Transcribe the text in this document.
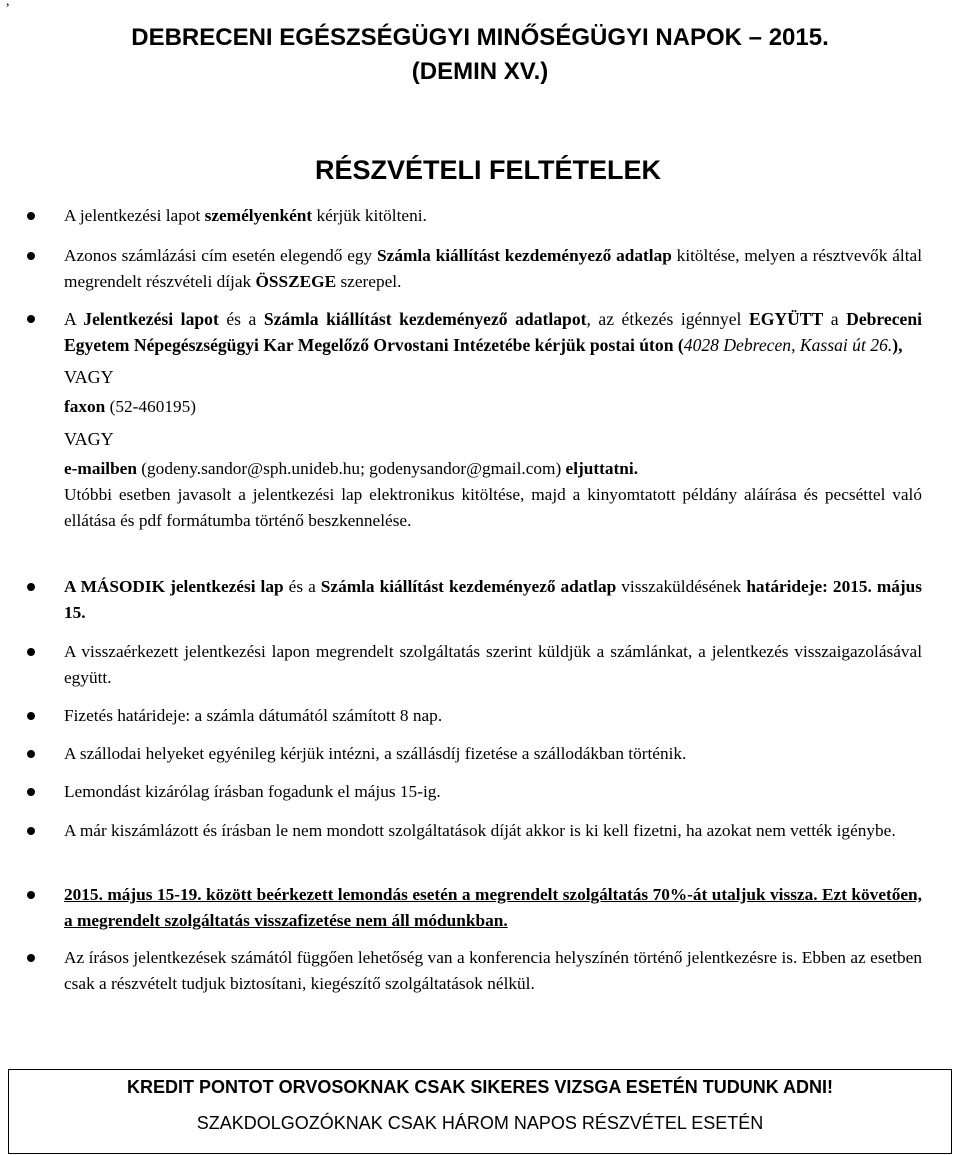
,
DEBRECENI EGÉSZSÉGÜGYI MINŐSÉGÜGYI NAPOK – 2015.
(DEMIN XV.)
RÉSZVÉTELI FELTÉTELEK
A jelentkezési lapot személyenként kérjük kitölteni.
Azonos számlázási cím esetén elegendő egy Számla kiállítást kezdeményező adatlap kitöltése, melyen a résztvevők által megrendelt részvételi díjak ÖSSZEGE szerepel.
A Jelentkezési lapot és a Számla kiállítást kezdeményező adatlapot, az étkezés igénnyel EGYÜTT a Debreceni Egyetem Népegészségügyi Kar Megelőző Orvostani Intézetébe kérjük postai úton (4028 Debrecen, Kassai út 26.),
VAGY
faxon (52-460195)
VAGY
e-mailben (godeny.sandor@sph.unideb.hu; godenysandor@gmail.com) eljuttatni.
Utóbbi esetben javasolt a jelentkezési lap elektronikus kitöltése, majd a kinyomtatott példány aláírása és pecséttel való ellátása és pdf formátumba történő beszkennelése.
A MÁSODIK jelentkezési lap és a Számla kiállítást kezdeményező adatlap visszaküldésének határideje: 2015. május 15.
A visszaérkezett jelentkezési lapon megrendelt szolgáltatás szerint küldjük a számlánkat, a jelentkezés visszaigazolásával együtt.
Fizetés határideje: a számla dátumától számított 8 nap.
A szállodai helyeket egyénileg kérjük intézni, a szállásdíj fizetése a szállodákban történik.
Lemondást kizárólag írásban fogadunk el május 15-ig.
A már kiszámlázott és írásban le nem mondott szolgáltatások díját akkor is ki kell fizetni, ha azokat nem vették igénybe.
2015. május 15-19. között beérkezett lemondás esetén a megrendelt szolgáltatás 70%-át utaljuk vissza. Ezt követően, a megrendelt szolgáltatás visszafizetése nem áll módunkban.
Az írásos jelentkezések számától függően lehetőség van a konferencia helyszínén történő jelentkezésre is. Ebben az esetben csak a részvételt tudjuk biztosítani, kiegészítő szolgáltatások nélkül.
KREDIT PONTOT ORVOSOKNAK CSAK SIKERES VIZSGA ESETÉN TUDUNK ADNI!
SZAKDOLGOZÓKNAK CSAK HÁROM NAPOS RÉSZVÉTEL ESETÉN
